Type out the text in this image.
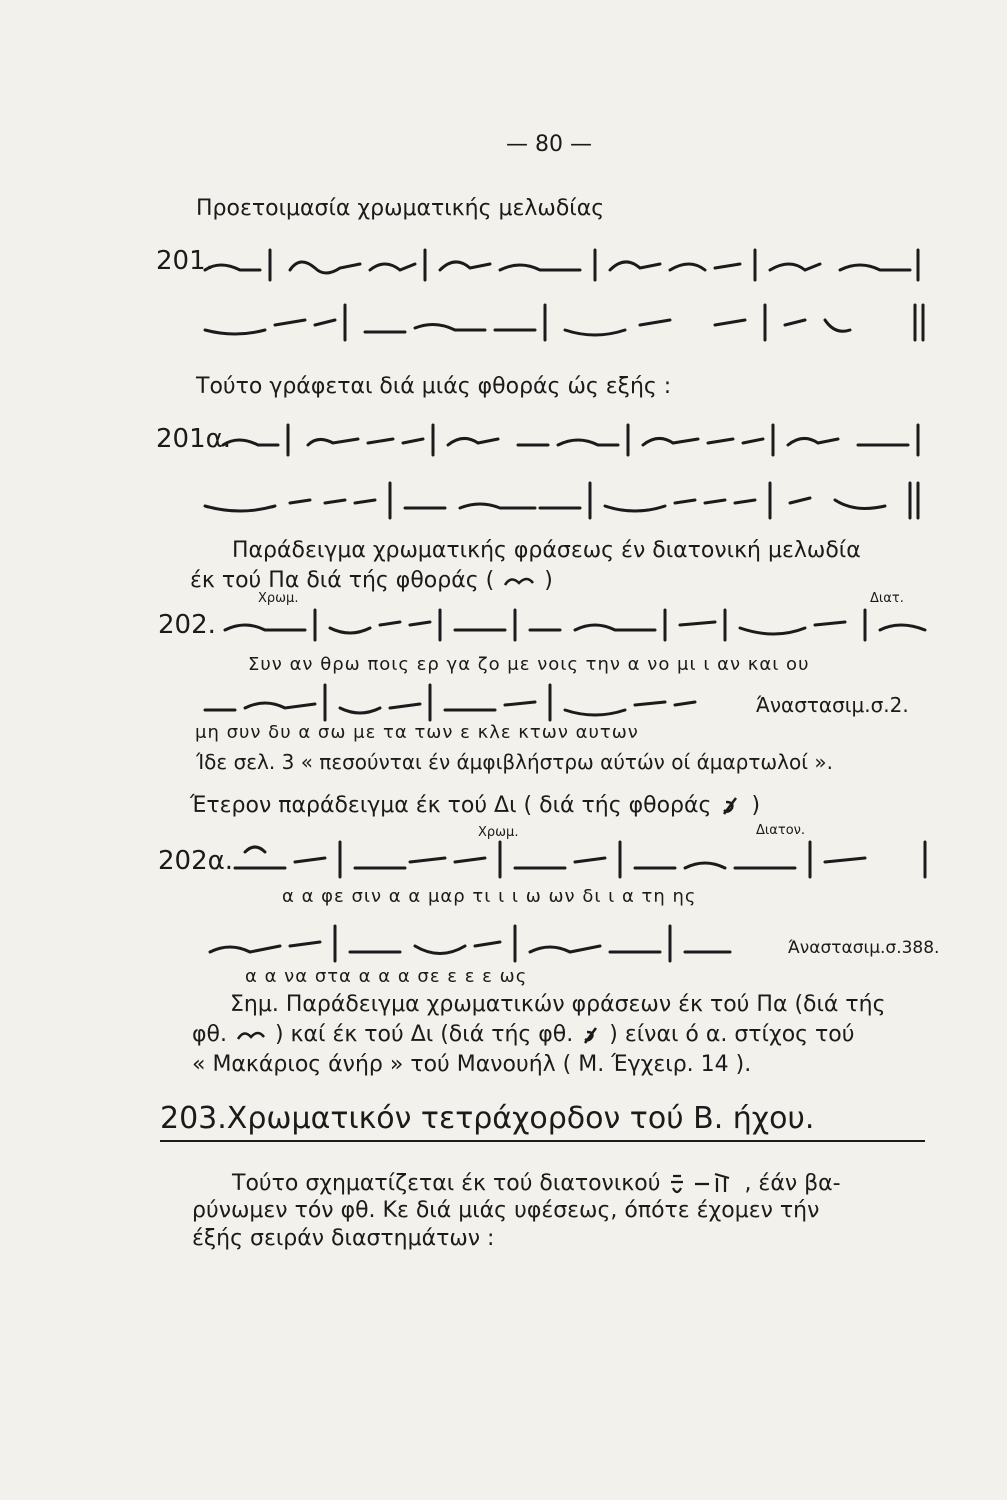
— 80 —
Προετοιμασία χρωματικής μελωδίας
201.
Τούτο γράφεται διά μιάς φθοράς ώς εξής :
201α.
Παράδειγμα χρωματικής φράσεως έν διατονική μελωδία
έκ τού Πα διά τής φθοράς ( )
Χρωμ.	Διατ.
202.
Συν αν θρω ποις ερ γα ζο με νοις την α νο μι ι αν και ου
Άναστασιμ.σ.2.
μη συν δυ α σω με τα των ε κλε κτων αυτων
Ίδε σελ. 3 « πεσούνται έν άμφιβλήστρω αύτών οί άμαρτωλοί ».
Έτερον παράδειγμα έκ τού Δι ( διά τής φθοράς )
Χρωμ.	Διατον.
202α.
α α φε σιν α α μαρ τι ι ι ω ων δι ι α τη ης
Άναστασιμ.σ.388.
α α να στα α α α σε ε ε ε ως
Σημ. Παράδειγμα χρωματικών φράσεων έκ τού Πα (διά τής
φθ. ) καί έκ τού Δι (διά τής φθ. ) είναι ό α. στίχος τού
« Μακάριος άνήρ » τού Μανουήλ ( Μ. Έγχειρ. 14 ).
203.Χρωματικόν τετράχορδον τού Β. ήχου.
Τούτο σχηματίζεται έκ τού διατονικού	, έάν βα-
ρύνωμεν τόν φθ. Κε διά μιάς υφέσεως, όπότε έχομεν τήν
έξής σειράν διαστημάτων :
